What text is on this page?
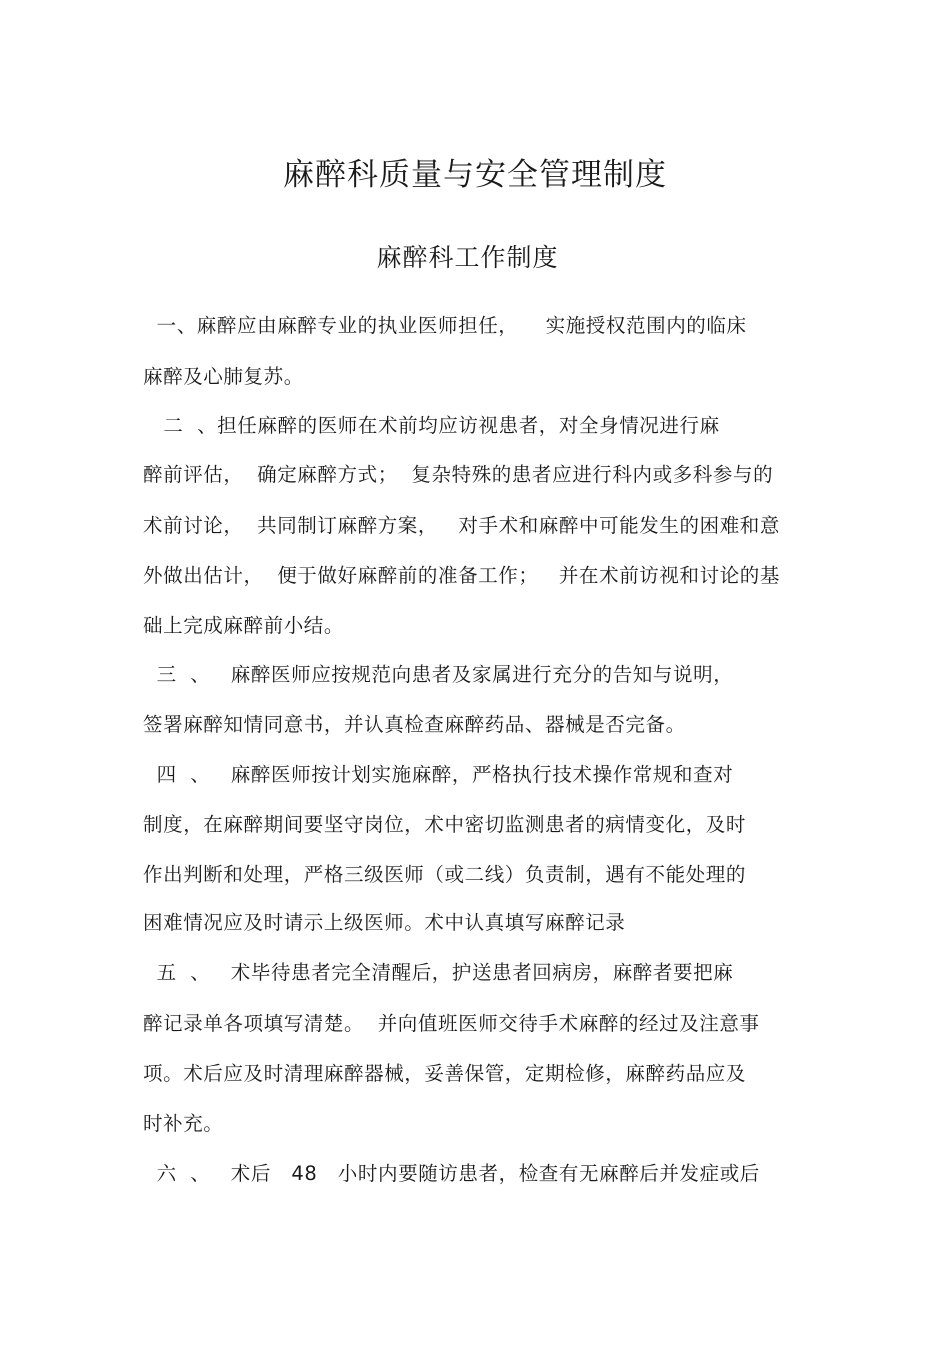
麻醉科质量与安全管理制度
麻醉科工作制度
一、麻醉应由麻醉专业的执业医师担任，    实施授权范围内的临床
麻醉及心肺复苏。
二  、担任麻醉的医师在术前均应访视患者，对全身情况进行麻
醉前评估，  确定麻醉方式；  复杂特殊的患者应进行科内或多科参与的
术前讨论，  共同制订麻醉方案，   对手术和麻醉中可能发生的困难和意
外做出估计，  便于做好麻醉前的准备工作；   并在术前访视和讨论的基
础上完成麻醉前小结。
三  、   麻醉医师应按规范向患者及家属进行充分的告知与说明，
签署麻醉知情同意书，并认真检查麻醉药品、器械是否完备。
四  、   麻醉医师按计划实施麻醉，严格执行技术操作常规和查对
制度，在麻醉期间要坚守岗位，术中密切监测患者的病情变化，及时
作出判断和处理，严格三级医师（或二线）负责制，遇有不能处理的
困难情况应及时请示上级医师。术中认真填写麻醉记录
五  、   术毕待患者完全清醒后，护送患者回病房，麻醉者要把麻
醉记录单各项填写清楚。  并向值班医师交待手术麻醉的经过及注意事
项。术后应及时清理麻醉器械，妥善保管，定期检修，麻醉药品应及
时补充。
六  、   术后   48   小时内要随访患者，检查有无麻醉后并发症或后
